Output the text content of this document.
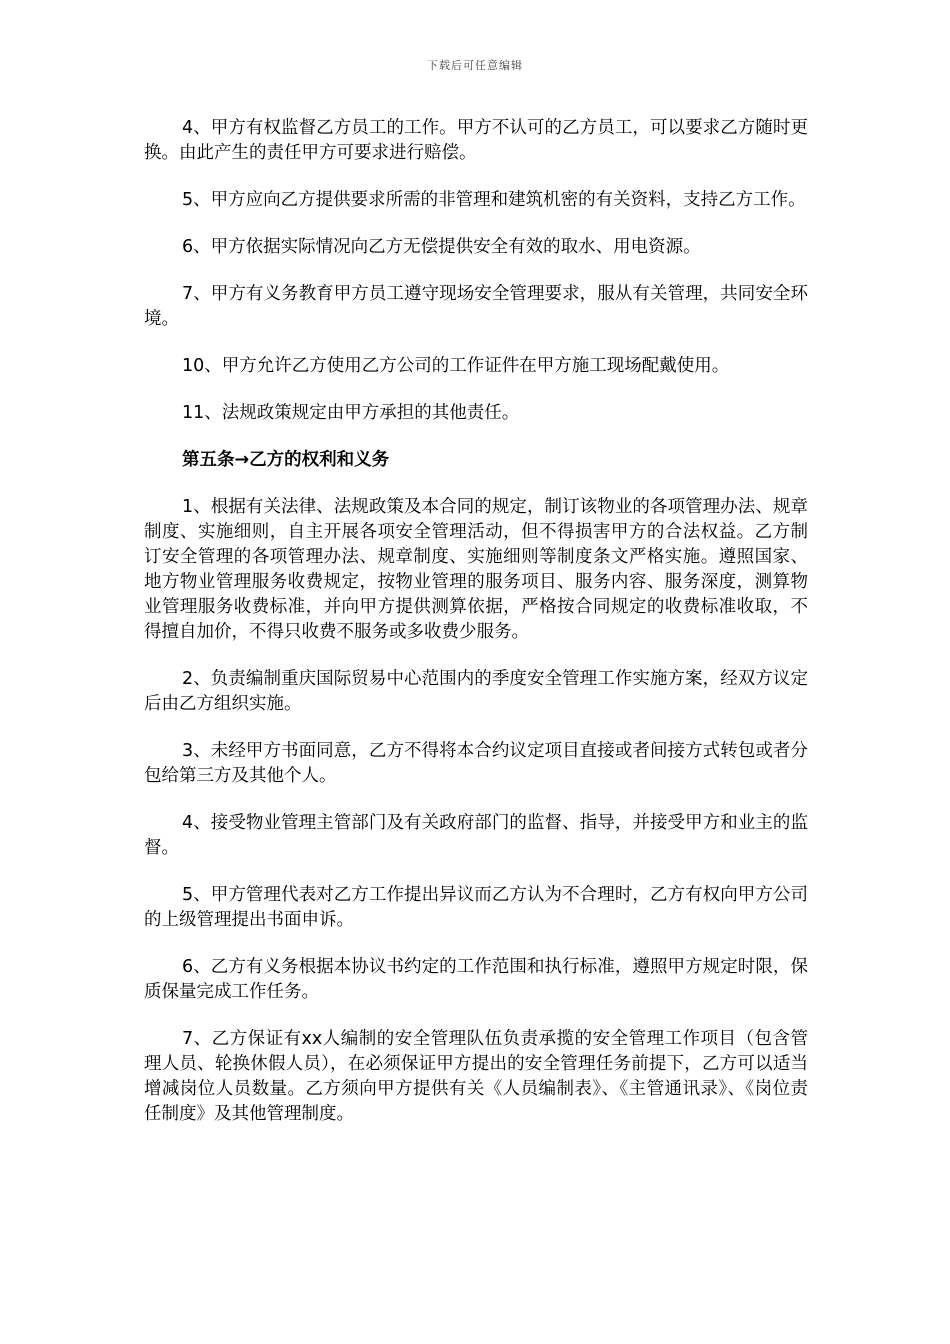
下载后可任意编辑

4、甲方有权监督乙方员工的工作。甲方不认可的乙方员工，可以要求乙方随时更换。由此产生的责任甲方可要求进行赔偿。

5、甲方应向乙方提供要求所需的非管理和建筑机密的有关资料，支持乙方工作。

6、甲方依据实际情况向乙方无偿提供安全有效的取水、用电资源。

7、甲方有义务教育甲方员工遵守现场安全管理要求，服从有关管理，共同安全环境。

10、甲方允许乙方使用乙方公司的工作证件在甲方施工现场配戴使用。

11、法规政策规定由甲方承担的其他责任。

第五条→乙方的权利和义务

1、根据有关法律、法规政策及本合同的规定，制订该物业的各项管理办法、规章制度、实施细则，自主开展各项安全管理活动，但不得损害甲方的合法权益。乙方制订安全管理的各项管理办法、规章制度、实施细则等制度条文严格实施。遵照国家、地方物业管理服务收费规定，按物业管理的服务项目、服务内容、服务深度，测算物业管理服务收费标准，并向甲方提供测算依据，严格按合同规定的收费标准收取，不得擅自加价，不得只收费不服务或多收费少服务。

2、负责编制重庆国际贸易中心范围内的季度安全管理工作实施方案，经双方议定后由乙方组织实施。

3、未经甲方书面同意，乙方不得将本合约议定项目直接或者间接方式转包或者分包给第三方及其他个人。

4、接受物业管理主管部门及有关政府部门的监督、指导，并接受甲方和业主的监督。

5、甲方管理代表对乙方工作提出异议而乙方认为不合理时，乙方有权向甲方公司的上级管理提出书面申诉。

6、乙方有义务根据本协议书约定的工作范围和执行标准，遵照甲方规定时限，保质保量完成工作任务。

7、乙方保证有xx人编制的安全管理队伍负责承揽的安全管理工作项目（包含管理人员、轮换休假人员），在必须保证甲方提出的安全管理任务前提下，乙方可以适当增减岗位人员数量。乙方须向甲方提供有关《人员编制表》、《主管通讯录》、《岗位责任制度》及其他管理制度。
